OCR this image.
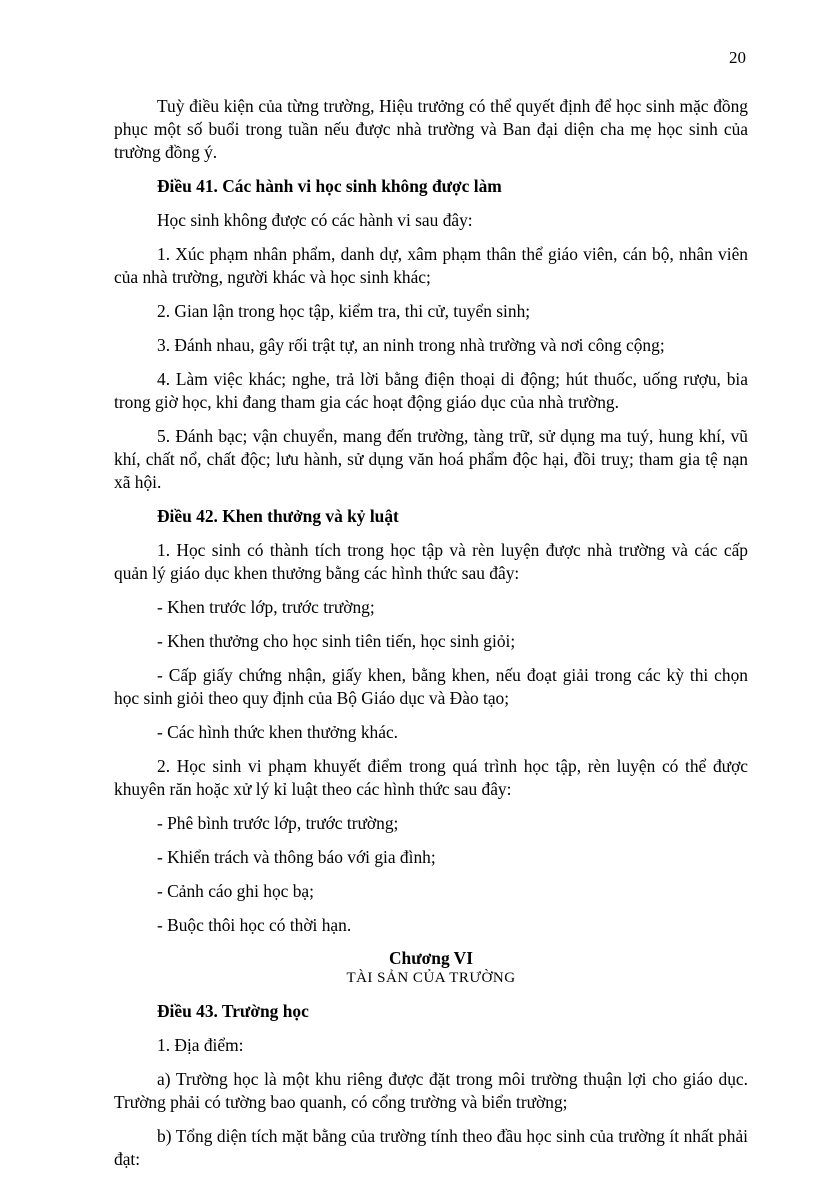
20

Tuỳ điều kiện của từng trường, Hiệu trưởng có thể quyết định để học sinh mặc đồng phục một số buổi trong tuần nếu được nhà trường và Ban đại diện cha mẹ học sinh của trường đồng ý.

Điều 41. Các hành vi học sinh không được làm

Học sinh không được có các hành vi sau đây:

1. Xúc phạm nhân phẩm, danh dự, xâm phạm thân thể giáo viên, cán bộ, nhân viên của nhà trường, người khác và học sinh khác;

2. Gian lận trong học tập, kiểm tra, thi cử, tuyển sinh;

3. Đánh nhau, gây rối trật tự, an ninh trong nhà trường và nơi công cộng;

4. Làm việc khác; nghe, trả lời bằng điện thoại di động; hút thuốc, uống rượu, bia trong giờ học, khi đang tham gia các hoạt động giáo dục của nhà trường.

5. Đánh bạc; vận chuyển, mang đến trường, tàng trữ, sử dụng ma tuý, hung khí, vũ khí, chất nổ, chất độc; lưu hành, sử dụng văn hoá phẩm độc hại, đồi truỵ; tham gia tệ nạn xã hội.

Điều 42. Khen thưởng và kỷ luật

1. Học sinh có thành tích trong học tập và rèn luyện được nhà trường và các cấp quản lý giáo dục khen thưởng bằng các hình thức sau đây:

- Khen trước lớp, trước trường;

- Khen thưởng cho học sinh tiên tiến, học sinh giỏi;

- Cấp giấy chứng nhận, giấy khen, bằng khen, nếu đoạt giải trong các kỳ thi chọn học sinh giỏi theo quy định của Bộ Giáo dục và Đào tạo;

- Các hình thức khen thưởng khác.

2. Học sinh vi phạm khuyết điểm trong quá trình học tập, rèn luyện có thể được khuyên răn hoặc xử lý kỉ luật theo các hình thức sau đây:

- Phê bình trước lớp, trước trường;

- Khiển trách và thông báo với gia đình;

- Cảnh cáo ghi học bạ;

- Buộc thôi học có thời hạn.

Chương VI
TÀI SẢN CỦA TRƯỜNG

Điều 43. Trường học

1. Địa điểm:

a) Trường học là một khu riêng được đặt trong môi trường thuận lợi cho giáo dục. Trường phải có tường bao quanh, có cổng trường và biển trường;

b) Tổng diện tích mặt bằng của trường tính theo đầu học sinh của trường ít nhất phải đạt:
